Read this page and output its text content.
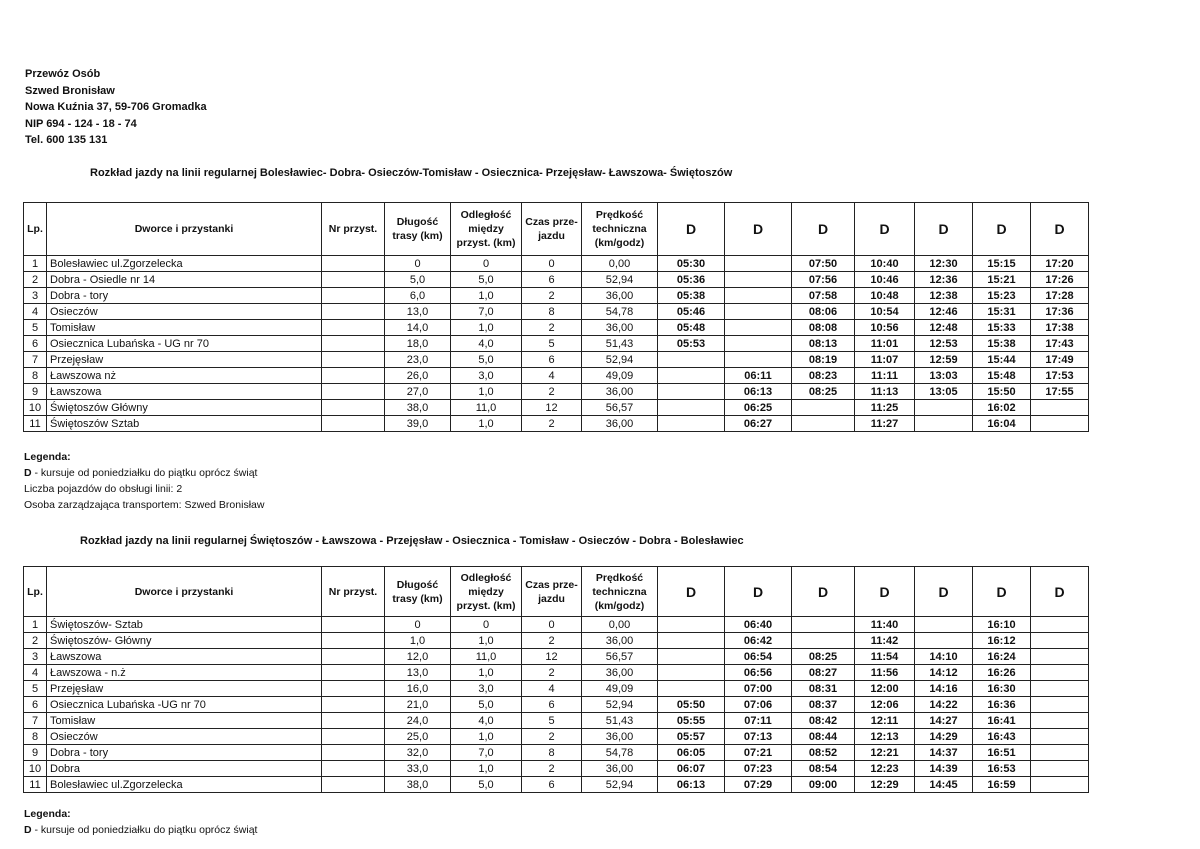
Przewóz Osób
Szwed Bronisław
Nowa Kuźnia 37, 59-706 Gromadka
NIP 694 - 124 - 18 - 74
Tel. 600 135 131
Rozkład jazdy na linii regularnej Bolesławiec- Dobra- Osieczów-Tomisław - Osiecznica- Przejęsław- Ławszowa- Świętoszów
Lp.	Dworce i przystanki	Nr przyst.	Długość trasy (km)	Odległość między przyst. (km)	Czas prze-jazdu	Prędkość techniczna (km/godz)	D	D	D	D	D	D	D
1	Bolesławiec ul.Zgorzelecka		0	0	0	0,00	05:30		07:50	10:40	12:30	15:15	17:20
2	Dobra - Osiedle nr 14		5,0	5,0	6	52,94	05:36		07:56	10:46	12:36	15:21	17:26
3	Dobra - tory		6,0	1,0	2	36,00	05:38		07:58	10:48	12:38	15:23	17:28
4	Osieczów		13,0	7,0	8	54,78	05:46		08:06	10:54	12:46	15:31	17:36
5	Tomisław		14,0	1,0	2	36,00	05:48		08:08	10:56	12:48	15:33	17:38
6	Osiecznica Lubańska - UG nr 70		18,0	4,0	5	51,43	05:53		08:13	11:01	12:53	15:38	17:43
7	Przejęsław		23,0	5,0	6	52,94			08:19	11:07	12:59	15:44	17:49
8	Ławszowa nż		26,0	3,0	4	49,09		06:11	08:23	11:11	13:03	15:48	17:53
9	Ławszowa		27,0	1,0	2	36,00		06:13	08:25	11:13	13:05	15:50	17:55
10	Świętoszów Główny		38,0	11,0	12	56,57		06:25		11:25		16:02	
11	Świętoszów Sztab		39,0	1,0	2	36,00		06:27		11:27		16:04	
Legenda:
D - kursuje od poniedziałku do piątku oprócz świąt
Liczba pojazdów do obsługi linii: 2
Osoba zarządzająca transportem: Szwed Bronisław
Rozkład jazdy na linii regularnej Świętoszów - Ławszowa - Przejęsław - Osiecznica - Tomisław - Osieczów - Dobra - Bolesławiec
Lp.	Dworce i przystanki	Nr przyst.	Długość trasy (km)	Odległość między przyst. (km)	Czas prze-jazdu	Prędkość techniczna (km/godz)	D	D	D	D	D	D	D
1	Świętoszów- Sztab		0	0	0	0,00		06:40		11:40		16:10	
2	Świętoszów- Główny		1,0	1,0	2	36,00		06:42		11:42		16:12	
3	Ławszowa		12,0	11,0	12	56,57		06:54	08:25	11:54	14:10	16:24	
4	Ławszowa - n.ż		13,0	1,0	2	36,00		06:56	08:27	11:56	14:12	16:26	
5	Przejęsław		16,0	3,0	4	49,09		07:00	08:31	12:00	14:16	16:30	
6	Osiecznica Lubańska -UG nr 70		21,0	5,0	6	52,94	05:50	07:06	08:37	12:06	14:22	16:36	
7	Tomisław		24,0	4,0	5	51,43	05:55	07:11	08:42	12:11	14:27	16:41	
8	Osieczów		25,0	1,0	2	36,00	05:57	07:13	08:44	12:13	14:29	16:43	
9	Dobra - tory		32,0	7,0	8	54,78	06:05	07:21	08:52	12:21	14:37	16:51	
10	Dobra		33,0	1,0	2	36,00	06:07	07:23	08:54	12:23	14:39	16:53	
11	Bolesławiec ul.Zgorzelecka		38,0	5,0	6	52,94	06:13	07:29	09:00	12:29	14:45	16:59	
Legenda:
D - kursuje od poniedziałku do piątku oprócz świąt
